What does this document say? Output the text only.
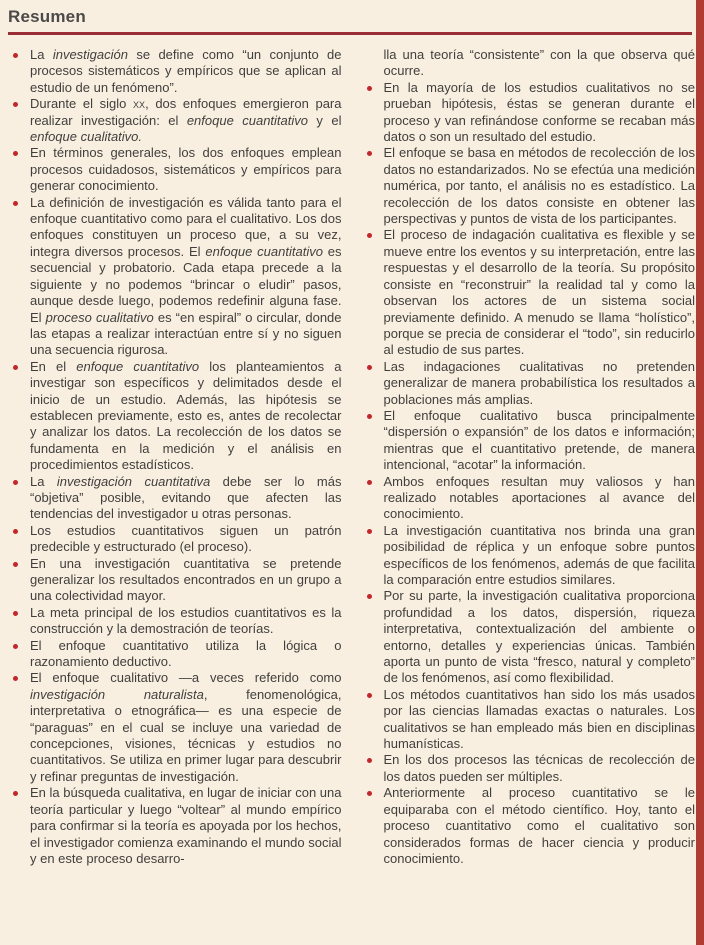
Resumen
La investigación se define como “un conjunto de procesos sistemáticos y empíricos que se aplican al estudio de un fenómeno”.
Durante el siglo xx, dos enfoques emergieron para realizar investigación: el enfoque cuantitativo y el enfoque cualitativo.
En términos generales, los dos enfoques emplean procesos cuidadosos, sistemáticos y empíricos para generar conocimiento.
La definición de investigación es válida tanto para el enfoque cuantitativo como para el cualitativo. Los dos enfoques constituyen un proceso que, a su vez, integra diversos procesos. El enfoque cuantitativo es secuencial y probatorio. Cada etapa precede a la siguiente y no podemos “brincar o eludir” pasos, aunque desde luego, podemos redefinir alguna fase. El proceso cualitativo es “en espiral” o circular, donde las etapas a realizar interactúan entre sí y no siguen una secuencia rigurosa.
En el enfoque cuantitativo los planteamientos a investigar son específicos y delimitados desde el inicio de un estudio. Además, las hipótesis se establecen previamente, esto es, antes de recolectar y analizar los datos. La recolección de los datos se fundamenta en la medición y el análisis en procedimientos estadísticos.
La investigación cuantitativa debe ser lo más “objetiva” posible, evitando que afecten las tendencias del investigador u otras personas.
Los estudios cuantitativos siguen un patrón predecible y estructurado (el proceso).
En una investigación cuantitativa se pretende generalizar los resultados encontrados en un grupo a una colectividad mayor.
La meta principal de los estudios cuantitativos es la construcción y la demostración de teorías.
El enfoque cuantitativo utiliza la lógica o razonamiento deductivo.
El enfoque cualitativo —a veces referido como investigación naturalista, fenomenológica, interpretativa o etnográfica— es una especie de “paraguas” en el cual se incluye una variedad de concepciones, visiones, técnicas y estudios no cuantitativos. Se utiliza en primer lugar para descubrir y refinar preguntas de investigación.
En la búsqueda cualitativa, en lugar de iniciar con una teoría particular y luego “voltear” al mundo empírico para confirmar si la teoría es apoyada por los hechos, el investigador comienza examinando el mundo social y en este proceso desarro-
lla una teoría “consistente” con la que observa qué ocurre.
En la mayoría de los estudios cualitativos no se prueban hipótesis, éstas se generan durante el proceso y van refinándose conforme se recaban más datos o son un resultado del estudio.
El enfoque se basa en métodos de recolección de los datos no estandarizados. No se efectúa una medición numérica, por tanto, el análisis no es estadístico. La recolección de los datos consiste en obtener las perspectivas y puntos de vista de los participantes.
El proceso de indagación cualitativa es flexible y se mueve entre los eventos y su interpretación, entre las respuestas y el desarrollo de la teoría. Su propósito consiste en “reconstruir” la realidad tal y como la observan los actores de un sistema social previamente definido. A menudo se llama “holístico”, porque se precia de considerar el “todo”, sin reducirlo al estudio de sus partes.
Las indagaciones cualitativas no pretenden generalizar de manera probabilística los resultados a poblaciones más amplias.
El enfoque cualitativo busca principalmente “dispersión o expansión” de los datos e información; mientras que el cuantitativo pretende, de manera intencional, “acotar” la información.
Ambos enfoques resultan muy valiosos y han realizado notables aportaciones al avance del conocimiento.
La investigación cuantitativa nos brinda una gran posibilidad de réplica y un enfoque sobre puntos específicos de los fenómenos, además de que facilita la comparación entre estudios similares.
Por su parte, la investigación cualitativa proporciona profundidad a los datos, dispersión, riqueza interpretativa, contextualización del ambiente o entorno, detalles y experiencias únicas. También aporta un punto de vista “fresco, natural y completo” de los fenómenos, así como flexibilidad.
Los métodos cuantitativos han sido los más usados por las ciencias llamadas exactas o naturales. Los cualitativos se han empleado más bien en disciplinas humanísticas.
En los dos procesos las técnicas de recolección de los datos pueden ser múltiples.
Anteriormente al proceso cuantitativo se le equiparaba con el método científico. Hoy, tanto el proceso cuantitativo como el cualitativo son considerados formas de hacer ciencia y producir conocimiento.
